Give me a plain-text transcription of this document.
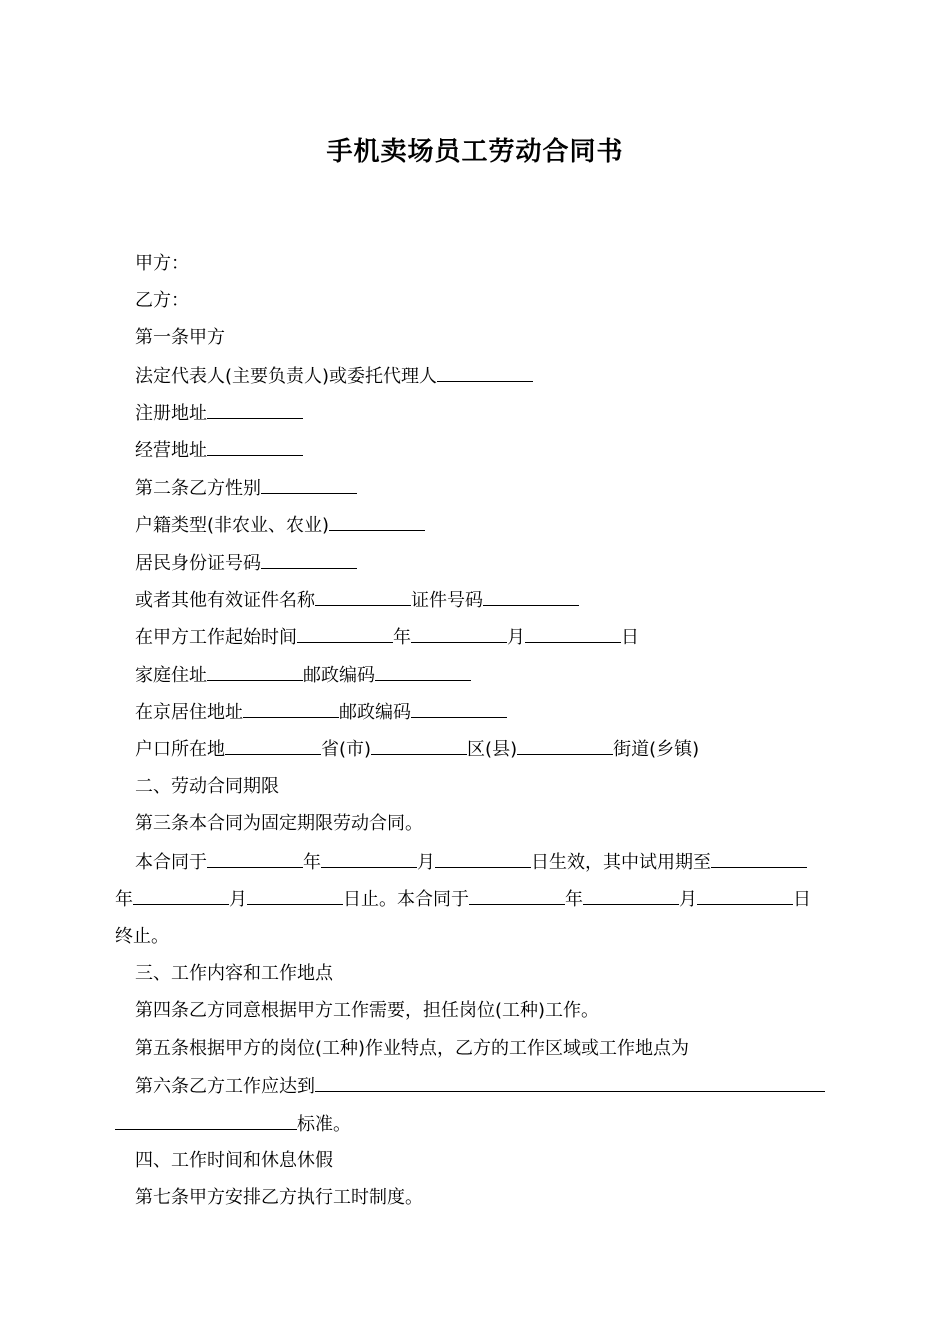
手机卖场员工劳动合同书
甲方：
乙方：
第一条甲方
法定代表人(主要负责人)或委托代理人
注册地址
经营地址
第二条乙方性别
户籍类型(非农业、农业)
居民身份证号码
或者其他有效证件名称	证件号码
在甲方工作起始时间	年	月	日
家庭住址	邮政编码
在京居住地址	邮政编码
户口所在地	省(市)	区(县)	街道(乡镇)
二、劳动合同期限
第三条本合同为固定期限劳动合同。
本合同于	年	月	日生效，其中试用期至
年	月	日止。本合同于	年	月	日
终止。
三、工作内容和工作地点
第四条乙方同意根据甲方工作需要，担任岗位(工种)工作。
第五条根据甲方的岗位(工种)作业特点，乙方的工作区域或工作地点为
第六条乙方工作应达到
标准。
四、工作时间和休息休假
第七条甲方安排乙方执行工时制度。
